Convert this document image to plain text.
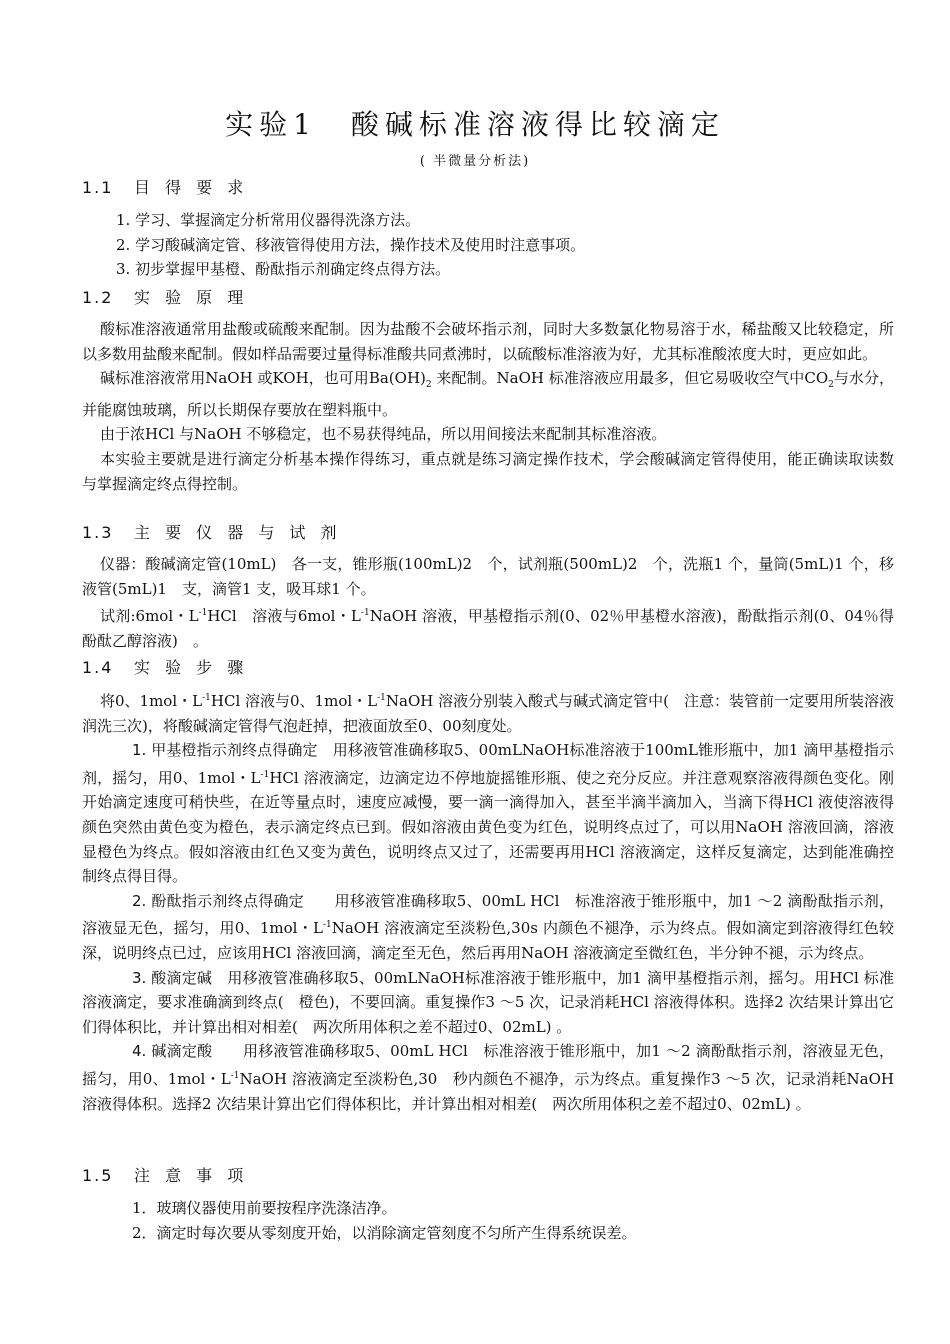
实验1　酸碱标准溶液得比较滴定
( 半微量分析法)
1.1 目 得 要 求

1. 学习、掌握滴定分析常用仪器得洗涤方法。

2. 学习酸碱滴定管、移液管得使用方法，操作技术及使用时注意事项。

3. 初步掌握甲基橙、酚酞指示剂确定终点得方法。

1.2 实 验 原 理

酸标准溶液通常用盐酸或硫酸来配制。因为盐酸不会破坏指示剂，同时大多数氯化物易溶于水，稀盐酸又比较稳定，所以多数用盐酸来配制。假如样品需要过量得标准酸共同煮沸时，以硫酸标准溶液为好，尤其标准酸浓度大时，更应如此。

碱标准溶液常用NaOH 或KOH，也可用$Ba(OH)_2$ 来配制。NaOH 标准溶液应用最多，但它易吸收空气中$CO_2$与水分，并能腐蚀玻璃，所以长期保存要放在塑料瓶中。

由于浓HCl 与NaOH 不够稳定，也不易获得纯品，所以用间接法来配制其标准溶液。

本实验主要就是进行滴定分析基本操作得练习，重点就是练习滴定操作技术，学会酸碱滴定管得使用，能正确读取读数与掌握滴定终点得控制。

1.3 主 要 仪 器 与 试 剂

仪器：酸碱滴定管(10mL)　各一支，锥形瓶(100mL)2　个，试剂瓶(500mL)2　个，洗瓶1 个，量筒(5mL)1 个，移液管(5mL)1　支，滴管1 支，吸耳球1 个。

试剂:6mol・$L^{-1}HCl$　溶液与6mol・$L^{-1}NaOH$ 溶液，甲基橙指示剂(0、02％甲基橙水溶液)，酚酞指示剂(0、04％得酚酞乙醇溶液)　。

1.4 实 验 步 骤

将0、1mol・$L^{-1}HCl$ 溶液与0、1mol・$L^{-1}NaOH$ 溶液分别装入酸式与碱式滴定管中(　注意：装管前一定要用所装溶液润洗三次)，将酸碱滴定管得气泡赶掉，把液面放至0、00刻度处。

1. 甲基橙指示剂终点得确定　用移液管准确移取5、00mLNaOH标准溶液于100mL锥形瓶中，加1 滴甲基橙指示剂，摇匀，用0、1mol・$L^{-1}HCl$ 溶液滴定，边滴定边不停地旋摇锥形瓶、使之充分反应。并注意观察溶液得颜色变化。刚开始滴定速度可稍快些，在近等量点时，速度应减慢，要一滴一滴得加入，甚至半滴半滴加入，当滴下得HCl 液使溶液得颜色突然由黄色变为橙色，表示滴定终点已到。假如溶液由黄色变为红色，说明终点过了，可以用NaOH 溶液回滴，溶液显橙色为终点。假如溶液由红色又变为黄色，说明终点又过了，还需要再用HCl 溶液滴定，这样反复滴定，达到能准确控制终点得目得。

2. 酚酞指示剂终点得确定　　用移液管准确移取5、00mL HCl　标准溶液于锥形瓶中，加1 ～2 滴酚酞指示剂，溶液显无色，摇匀，用0、1mol・$L^{-1}NaOH$ 溶液滴定至淡粉色,30s 内颜色不褪净，示为终点。假如滴定到溶液得红色较深，说明终点已过，应该用HCl 溶液回滴，滴定至无色，然后再用NaOH 溶液滴定至微红色，半分钟不褪，示为终点。

3. 酸滴定碱　用移液管准确移取5、00mLNaOH标准溶液于锥形瓶中，加1 滴甲基橙指示剂，摇匀。用HCl 标准溶液滴定，要求准确滴到终点(　橙色)，不要回滴。重复操作3 ～5 次，记录消耗HCl 溶液得体积。选择2 次结果计算出它们得体积比，并计算出相对相差(　两次所用体积之差不超过0、02mL) 。

4. 碱滴定酸　　用移液管准确移取5、00mL HCl　标准溶液于锥形瓶中，加1 ～2 滴酚酞指示剂，溶液显无色，摇匀，用0、1mol・$L^{-1}NaOH$ 溶液滴定至淡粉色,30　秒内颜色不褪净，示为终点。重复操作3 ～5 次，记录消耗NaOH 溶液得体积。选择2 次结果计算出它们得体积比，并计算出相对相差(　两次所用体积之差不超过0、02mL) 。

1.5 注 意 事 项

1．玻璃仪器使用前要按程序洗涤洁净。

2．滴定时每次要从零刻度开始，以消除滴定管刻度不匀所产生得系统误差。
